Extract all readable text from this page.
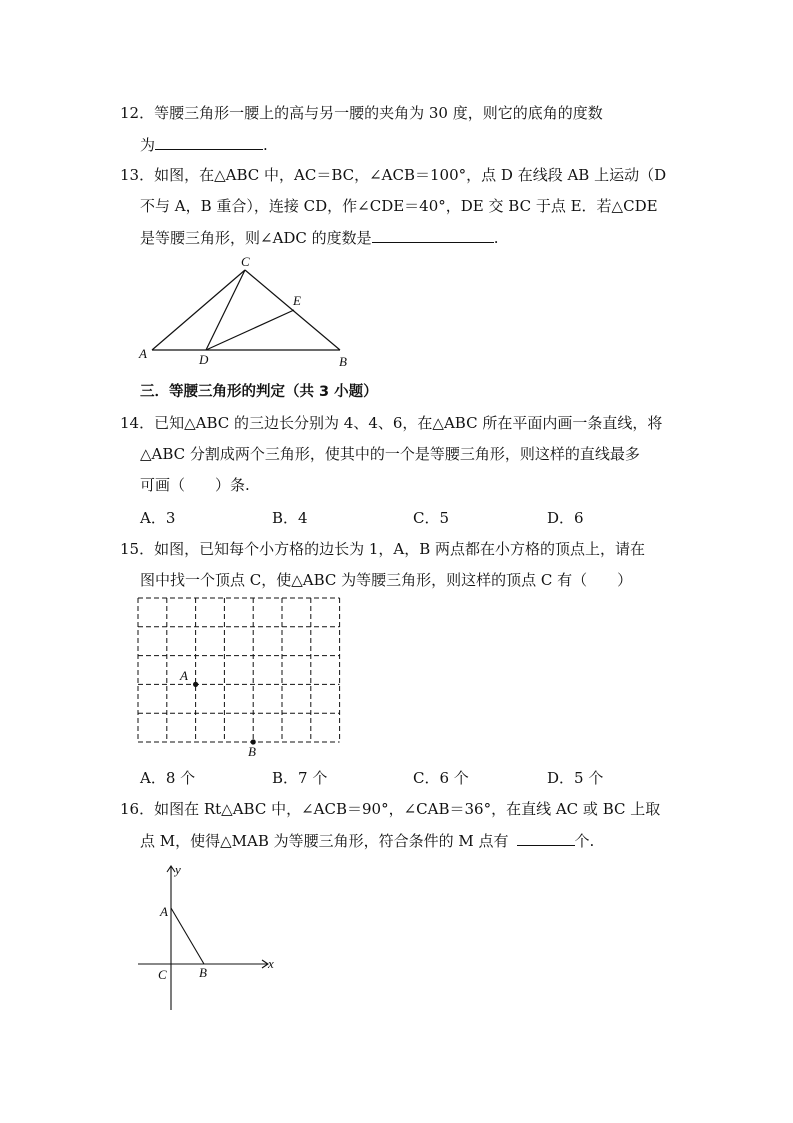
12．等腰三角形一腰上的高与另一腰的夹角为 30 度，则它的底角的度数
为	.
13．如图，在△ABC 中，AC＝BC，∠ACB＝100°，点 D 在线段 AB 上运动（D
不与 A，B 重合），连接 CD，作∠CDE＝40°，DE 交 BC 于点 E．若△CDE
是等腰三角形，则∠ADC 的度数是	.
C
E
A	D	B
三．等腰三角形的判定（共 3 小题）
14．已知△ABC 的三边长分别为 4、4、6，在△ABC 所在平面内画一条直线，将
△ABC 分割成两个三角形，使其中的一个是等腰三角形，则这样的直线最多
可画（　　）条.
A．3	B．4	C．5	D．6
15．如图，已知每个小方格的边长为 1，A，B 两点都在小方格的顶点上，请在
图中找一个顶点 C，使△ABC 为等腰三角形，则这样的顶点 C 有（　　）
A
B
A．8 个	B．7 个	C．6 个	D．5 个
16．如图在 Rt△ABC 中，∠ACB＝90°，∠CAB＝36°，在直线 AC 或 BC 上取
点 M，使得△MAB 为等腰三角形，符合条件的 M 点有	个.
y
x
A
C B
